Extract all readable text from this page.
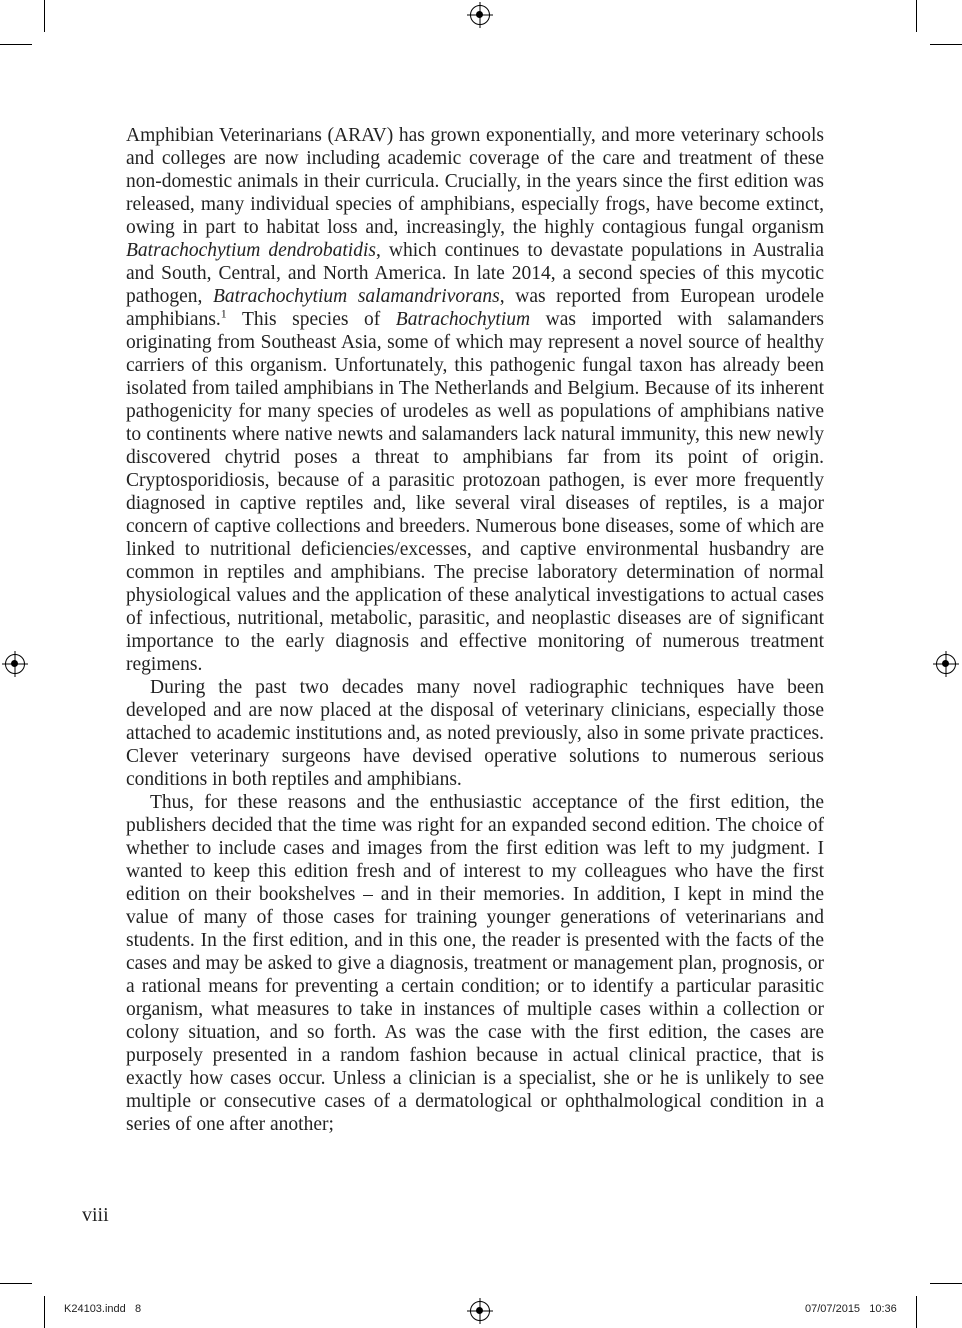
Amphibian Veterinarians (ARAV) has grown exponentially, and more veterinary schools and colleges are now including academic coverage of the care and treatment of these non-domestic animals in their curricula. Crucially, in the years since the first edition was released, many individual species of amphibians, especially frogs, have become extinct, owing in part to habitat loss and, increasingly, the highly contagious fungal organism Batrachochytium dendrobatidis, which continues to devastate populations in Australia and South, Central, and North America. In late 2014, a second species of this mycotic pathogen, Batrachochytium salamandrivorans, was reported from European urodele amphibians.$^1$ This species of Batrachochytium was imported with salamanders originating from Southeast Asia, some of which may represent a novel source of healthy carriers of this organism. Unfortunately, this pathogenic fungal taxon has already been isolated from tailed amphibians in The Netherlands and Belgium. Because of its inherent pathogenicity for many species of urodeles as well as populations of amphibians native to continents where native newts and salamanders lack natural immunity, this new newly discovered chytrid poses a threat to amphibians far from its point of origin. Cryptosporidiosis, because of a parasitic protozoan pathogen, is ever more frequently diagnosed in captive reptiles and, like several viral diseases of reptiles, is a major concern of captive collections and breeders. Numerous bone diseases, some of which are linked to nutritional deficiencies/excesses, and captive environmental husbandry are common in reptiles and amphibians. The precise laboratory determination of normal physiological values and the application of these analytical investigations to actual cases of infectious, nutritional, metabolic, parasitic, and neoplastic diseases are of significant importance to the early diagnosis and effective monitoring of numerous treatment regimens.

During the past two decades many novel radiographic techniques have been developed and are now placed at the disposal of veterinary clinicians, especially those attached to academic institutions and, as noted previously, also in some private practices. Clever veterinary surgeons have devised operative solutions to numerous serious conditions in both reptiles and amphibians.

Thus, for these reasons and the enthusiastic acceptance of the first edition, the publishers decided that the time was right for an expanded second edition. The choice of whether to include cases and images from the first edition was left to my judgment. I wanted to keep this edition fresh and of interest to my colleagues who have the first edition on their bookshelves – and in their memories. In addition, I kept in mind the value of many of those cases for training younger generations of veterinarians and students. In the first edition, and in this one, the reader is presented with the facts of the cases and may be asked to give a diagnosis, treatment or management plan, prognosis, or a rational means for preventing a certain condition; or to identify a particular parasitic organism, what measures to take in instances of multiple cases within a collection or colony situation, and so forth. As was the case with the first edition, the cases are purposely presented in a random fashion because in actual clinical practice, that is exactly how cases occur. Unless a clinician is a specialist, she or he is unlikely to see multiple or consecutive cases of a dermatological or ophthalmological condition in a series of one after another;

viii
K24103.indd   8	07/07/2015   10:36
